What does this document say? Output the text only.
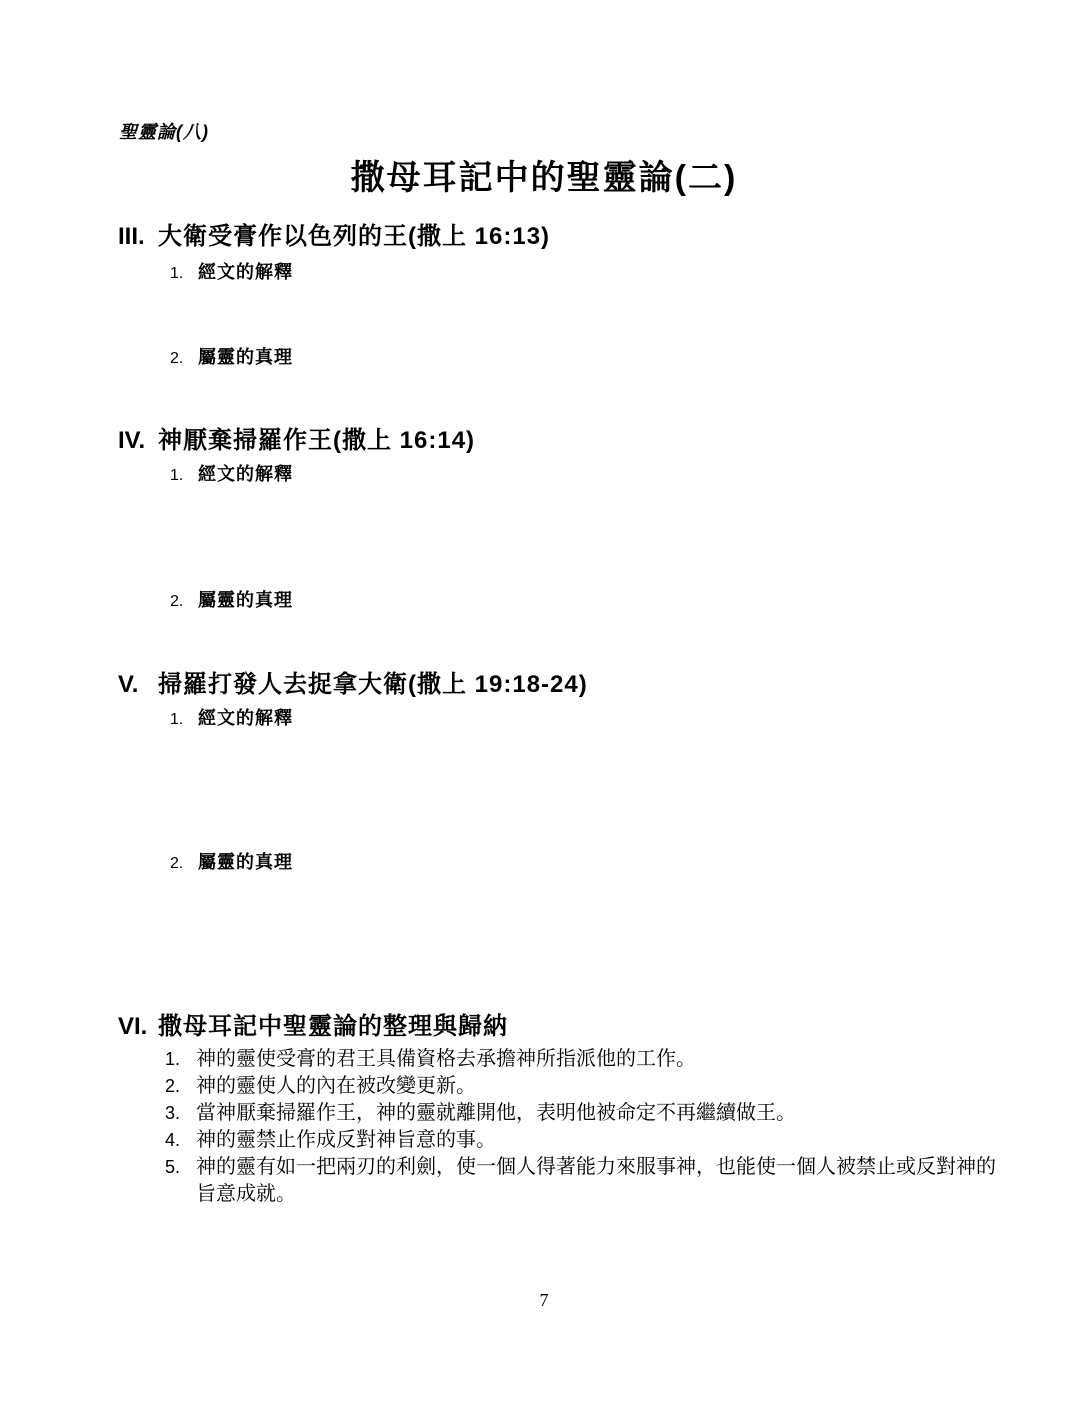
聖靈論(八)
撒母耳記中的聖靈論(二)
III. 大衛受膏作以色列的王(撒上 16:13)
1. 經文的解釋
2. 屬靈的真理
IV. 神厭棄掃羅作王(撒上 16:14)
1. 經文的解釋
2. 屬靈的真理
V. 掃羅打發人去捉拿大衛(撒上 19:18-24)
1. 經文的解釋
2. 屬靈的真理
VI. 撒母耳記中聖靈論的整理與歸納
1. 神的靈使受膏的君王具備資格去承擔神所指派他的工作。
2. 神的靈使人的內在被改變更新。
3. 當神厭棄掃羅作王，神的靈就離開他，表明他被命定不再繼續做王。
4. 神的靈禁止作成反對神旨意的事。
5. 神的靈有如一把兩刃的利劍，使一個人得著能力來服事神，也能使一個人被禁止或反對神的旨意成就。
7
